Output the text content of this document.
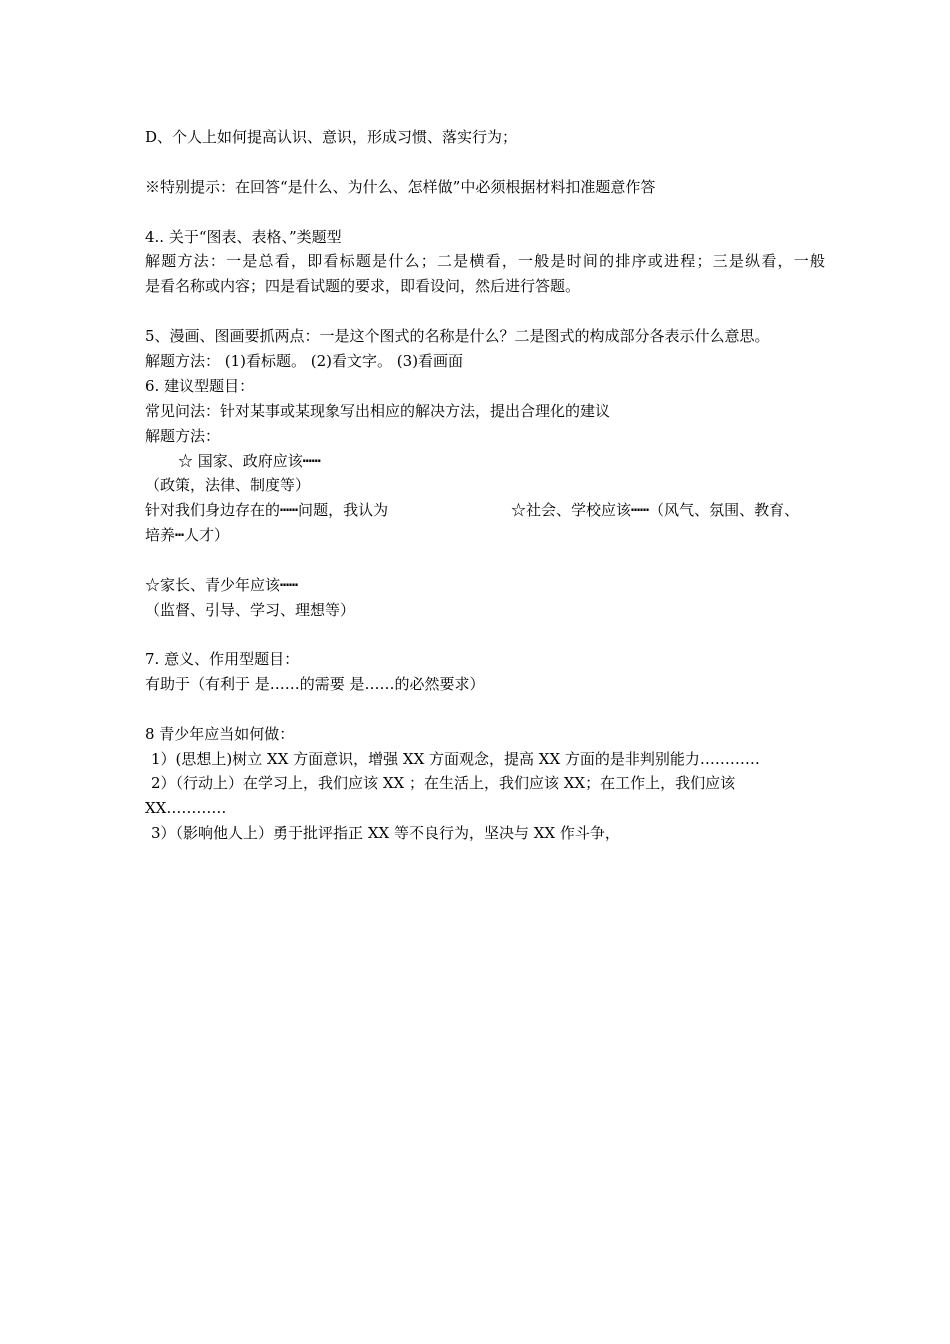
D、个人上如何提高认识、意识，形成习惯、落实行为；
※特别提示：在回答“是什么、为什么、怎样做”中必须根据材料扣准题意作答
4.. 关于“图表、表格、”类题型
解题方法：一是总看，即看标题是什么；二是横看，一般是时间的排序或进程；三是纵看，一般
是看名称或内容；四是看试题的要求，即看设问，然后进行答题。
5、漫画、图画要抓两点：一是这个图式的名称是什么？二是图式的构成部分各表示什么意思。
解题方法： (1)看标题。 (2)看文字。 (3)看画面
6. 建议型题目：
常见问法：针对某事或某现象写出相应的解决方法，提出合理化的建议
解题方法：
☆ 国家、政府应该┅┅
（政策，法律、制度等）
针对我们身边存在的┅┅问题，我认为	☆社会、学校应该┅┅（风气、氛围、教育、
培养┅人才）
☆家长、青少年应该┅┅
（监督、引导、学习、理想等）
7. 意义、作用型题目：
有助于（有利于 是……的需要 是……的必然要求）
8 青少年应当如何做：
1）(思想上)树立 XX 方面意识，增强 XX 方面观念，提高 XX 方面的是非判别能力…………
2）（行动上）在学习上，我们应该 XX ；在生活上，我们应该 XX；在工作上，我们应该
XX…………
3）（影响他人上）勇于批评指正 XX 等不良行为，坚决与 XX 作斗争，
